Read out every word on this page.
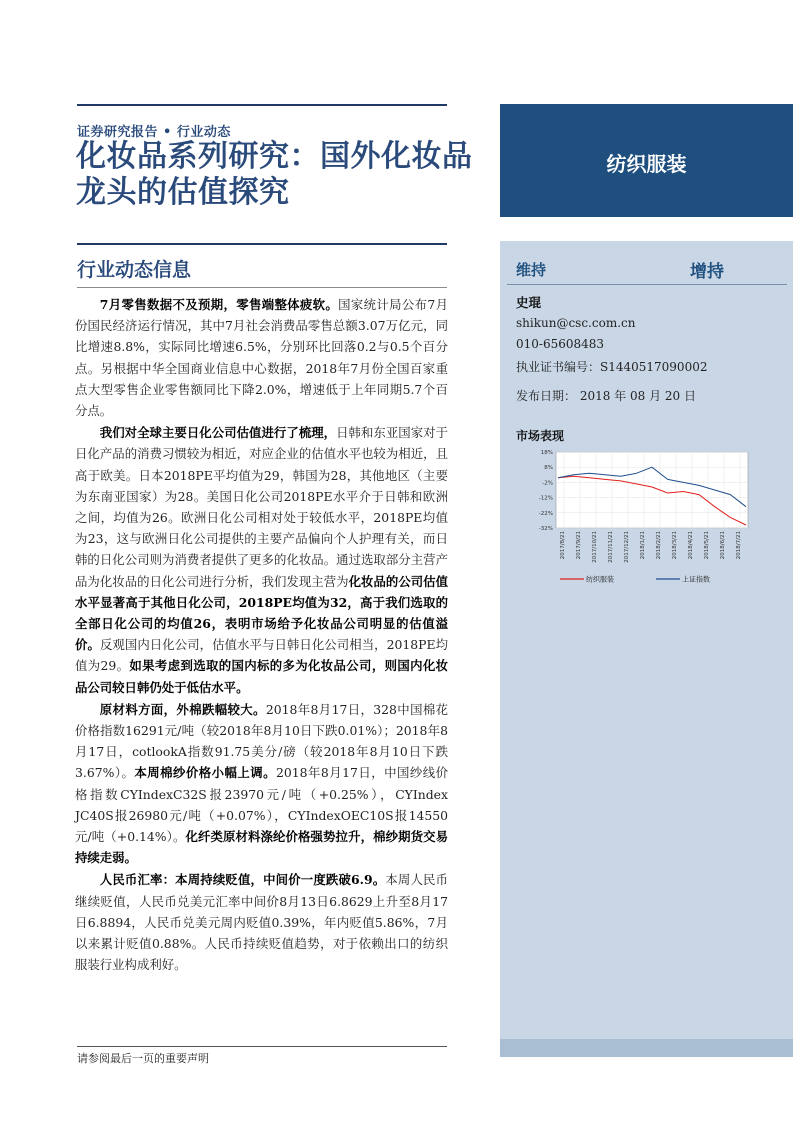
证券研究报告 • 行业动态
化妆品系列研究：国外化妆品龙头的估值探究
纺织服装
行业动态信息

7月零售数据不及预期，零售端整体疲软。国家统计局公布7月份国民经济运行情况，其中7月社会消费品零售总额3.07万亿元，同比增速8.8%，实际同比增速6.5%，分别环比回落0.2与0.5个百分点。另根据中华全国商业信息中心数据，2018年7月份全国百家重点大型零售企业零售额同比下降2.0%，增速低于上年同期5.7个百分点。

我们对全球主要日化公司估值进行了梳理，日韩和东亚国家对于日化产品的消费习惯较为相近，对应企业的估值水平也较为相近，且高于欧美。日本2018PE平均值为29，韩国为28，其他地区（主要为东南亚国家）为28。美国日化公司2018PE水平介于日韩和欧洲之间，均值为26。欧洲日化公司相对处于较低水平，2018PE均值为23，这与欧洲日化公司提供的主要产品偏向个人护理有关，而日韩的日化公司则为消费者提供了更多的化妆品。通过选取部分主营产品为化妆品的日化公司进行分析，我们发现主营为化妆品的公司估值水平显著高于其他日化公司，2018PE均值为32，高于我们选取的全部日化公司的均值26，表明市场给予化妆品公司明显的估值溢价。反观国内日化公司，估值水平与日韩日化公司相当，2018PE均值为29。如果考虑到选取的国内标的多为化妆品公司，则国内化妆品公司较日韩仍处于低估水平。

原材料方面，外棉跌幅较大。2018年8月17日，328中国棉花价格指数16291元/吨（较2018年8月10日下跌0.01%）；2018年8月17日，cotlookA指数91.75美分/磅（较2018年8月10日下跌3.67%）。本周棉纱价格小幅上调。2018年8月17日，中国纱线价格指数CYIndexC32S报23970元/吨（+0.25%），CYIndex JC40S报26980元/吨（+0.07%），CYIndexOEC10S报14550元/吨（+0.14%）。化纤类原材料涤纶价格强势拉升，棉纱期货交易持续走弱。

人民币汇率：本周持续贬值，中间价一度跌破6.9。本周人民币继续贬值，人民币兑美元汇率中间价8月13日6.8629上升至8月17日6.8894，人民币兑美元周内贬值0.39%，年内贬值5.86%，7月以来累计贬值0.88%。人民币持续贬值趋势，对于依赖出口的纺织服装行业构成利好。

维持	增持
史琨
shikun@csc.com.cn
010-65608483
执业证书编号：S1440517090002
发布日期： 2018 年 08 月 20 日
市场表现
18%
8%
-2%
-12%
-22%
-32%
2017/8/21 2017/9/21 2017/10/21 2017/11/21 2017/12/21 2018/1/21 2018/2/21 2018/3/21 2018/4/21 2018/5/21 2018/6/21 2018/7/21
纺织服装	上证指数
请参阅最后一页的重要声明
